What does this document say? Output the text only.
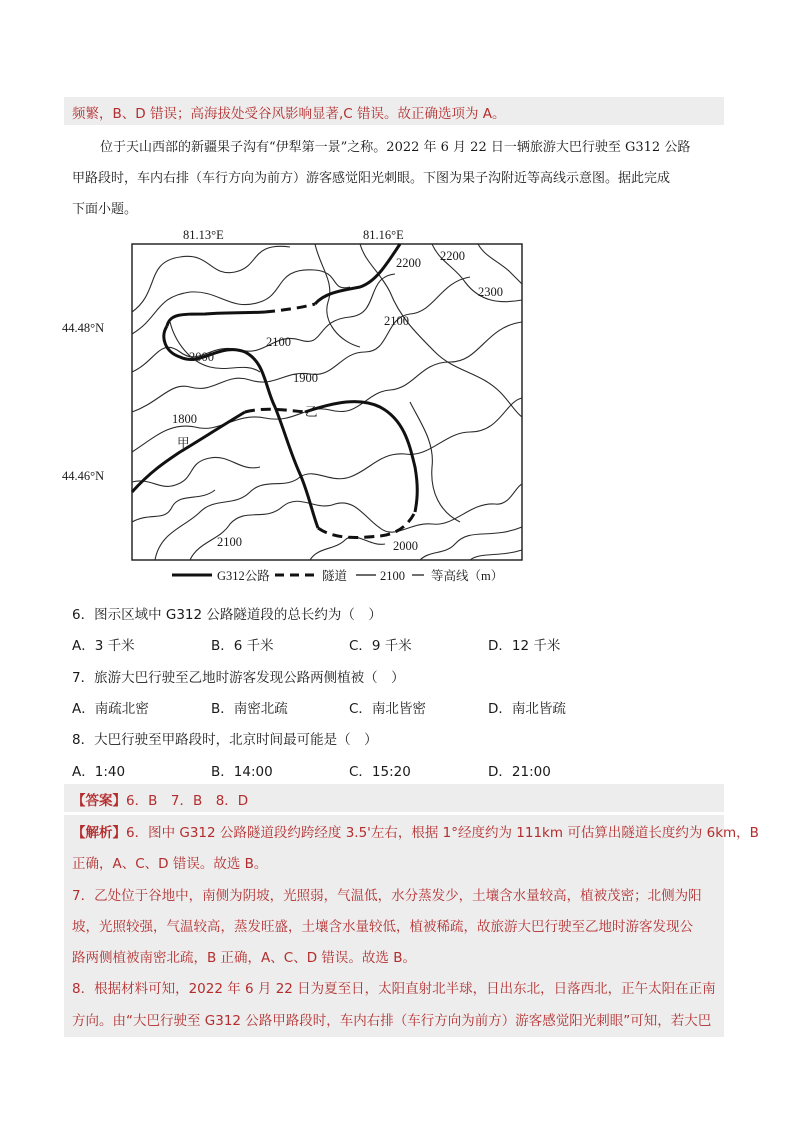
频繁，B、D 错误；高海拔处受谷风影响显著,C 错误。故正确选项为 A。
位于天山西部的新疆果子沟有“伊犁第一景”之称。2022 年 6 月 22 日一辆旅游大巴行驶至 G312 公路
甲路段时，车内右排（车行方向为前方）游客感觉阳光刺眼。下图为果子沟附近等高线示意图。据此完成
下面小题。
81.13°E	81.16°E
44.48°N
44.46°N
2200 2200
2300
2100
2100
2000
1900
1800
2100	2000
乙
甲
G312公路	隧道	2100 等高线（m）
6．图示区域中 G312 公路隧道段的总长约为（　）
A．3 千米	B．6 千米	C．9 千米	D．12 千米
7．旅游大巴行驶至乙地时游客发现公路两侧植被（　）
A．南疏北密	B．南密北疏	C．南北皆密	D．南北皆疏
8．大巴行驶至甲路段时，北京时间最可能是（　）
A．1:40	B．14:00	C．15:20	D．21:00
【答案】6．B　7．B　8．D
【解析】6．图中 G312 公路隧道段约跨经度 3.5'左右，根据 1°经度约为 111km 可估算出隧道长度约为 6km，B
正确，A、C、D 错误。故选 B。
7．乙处位于谷地中，南侧为阴坡，光照弱，气温低，水分蒸发少，土壤含水量较高，植被茂密；北侧为阳
坡，光照较强，气温较高，蒸发旺盛，土壤含水量较低，植被稀疏，故旅游大巴行驶至乙地时游客发现公
路两侧植被南密北疏，B 正确，A、C、D 错误。故选 B。
8．根据材料可知，2022 年 6 月 22 日为夏至日，太阳直射北半球，日出东北，日落西北，正午太阳在正南
方向。由“大巴行驶至 G312 公路甲路段时，车内右排（车行方向为前方）游客感觉阳光刺眼”可知，若大巴
